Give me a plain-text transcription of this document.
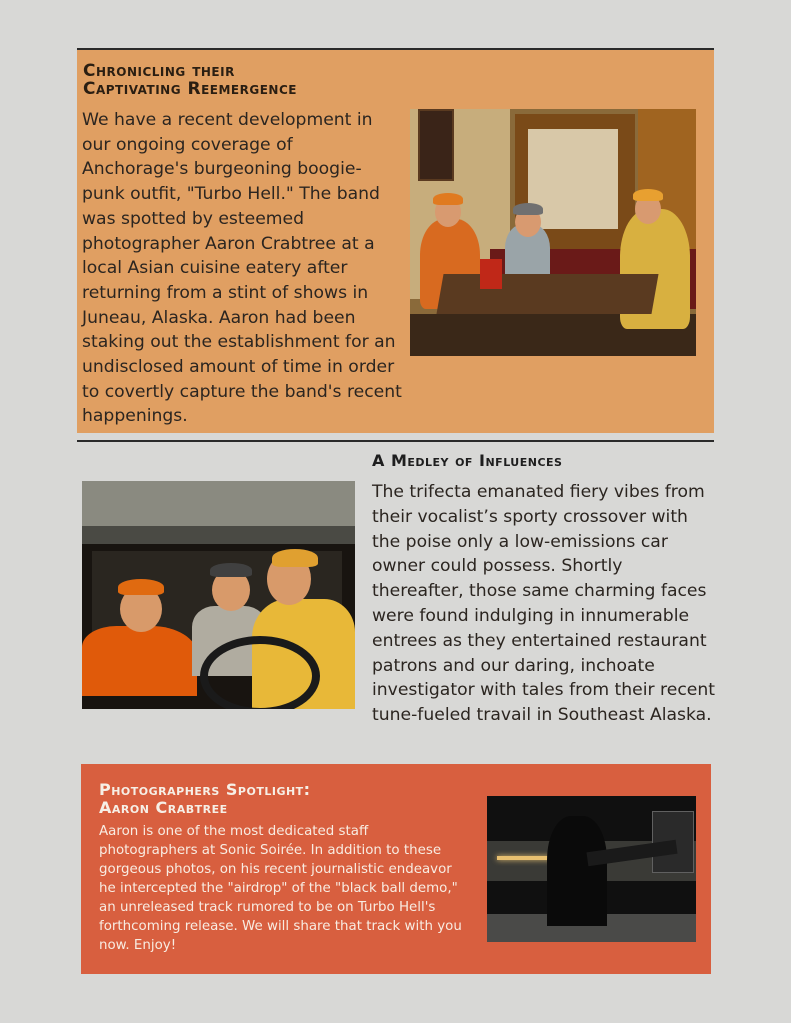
Chronicling their
Captivating Reemergence
We have a recent development in our ongoing coverage of Anchorage's burgeoning boogie-punk outfit, "Turbo Hell." The band was spotted by esteemed photographer Aaron Crabtree at a local Asian cuisine eatery after returning from a stint of shows in Juneau, Alaska. Aaron had been staking out the establishment for an undisclosed amount of time in order to covertly capture the band's recent happenings.
A Medley of Influences
The trifecta emanated fiery vibes from their vocalist’s sporty crossover with the poise only a low-emissions car owner could possess. Shortly thereafter, those same charming faces were found indulging in innumerable entrees as they entertained restaurant patrons and our daring, inchoate investigator with tales from their recent tune-fueled travail in Southeast Alaska.
Photographers Spotlight:
Aaron Crabtree
Aaron is one of the most dedicated staff photographers at Sonic Soirée. In addition to these gorgeous photos, on his recent journalistic endeavor he intercepted the "airdrop" of the "black ball demo," an unreleased track rumored to be on Turbo Hell's forthcoming release. We will share that track with you now. Enjoy!
